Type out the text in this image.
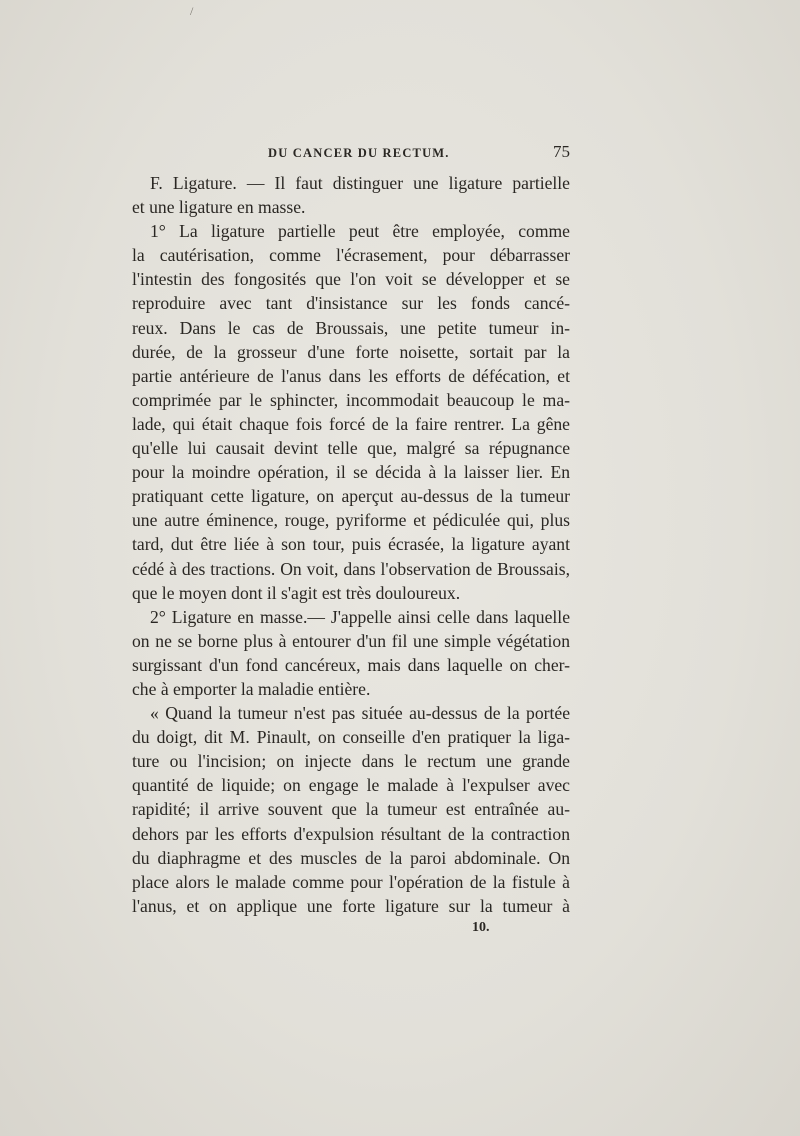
/
DU CANCER DU RECTUM.	75
F. Ligature. — Il faut distinguer une ligature partielle
et une ligature en masse.
1° La ligature partielle peut être employée, comme
la cautérisation, comme l'écrasement, pour débarrasser
l'intestin des fongosités que l'on voit se développer et se
reproduire avec tant d'insistance sur les fonds cancé-
reux. Dans le cas de Broussais, une petite tumeur in-
durée, de la grosseur d'une forte noisette, sortait par la
partie antérieure de l'anus dans les efforts de défécation, et
comprimée par le sphincter, incommodait beaucoup le ma-
lade, qui était chaque fois forcé de la faire rentrer. La gêne
qu'elle lui causait devint telle que, malgré sa répugnance
pour la moindre opération, il se décida à la laisser lier. En
pratiquant cette ligature, on aperçut au-dessus de la tumeur
une autre éminence, rouge, pyriforme et pédiculée qui, plus
tard, dut être liée à son tour, puis écrasée, la ligature ayant
cédé à des tractions. On voit, dans l'observation de Broussais,
que le moyen dont il s'agit est très douloureux.
2° Ligature en masse.— J'appelle ainsi celle dans laquelle
on ne se borne plus à entourer d'un fil une simple végétation
surgissant d'un fond cancéreux, mais dans laquelle on cher-
che à emporter la maladie entière.
« Quand la tumeur n'est pas située au-dessus de la portée
du doigt, dit M. Pinault, on conseille d'en pratiquer la liga-
ture ou l'incision; on injecte dans le rectum une grande
quantité de liquide; on engage le malade à l'expulser avec
rapidité; il arrive souvent que la tumeur est entraînée au-
dehors par les efforts d'expulsion résultant de la contraction
du diaphragme et des muscles de la paroi abdominale. On
place alors le malade comme pour l'opération de la fistule à
l'anus, et on applique une forte ligature sur la tumeur à
10.
